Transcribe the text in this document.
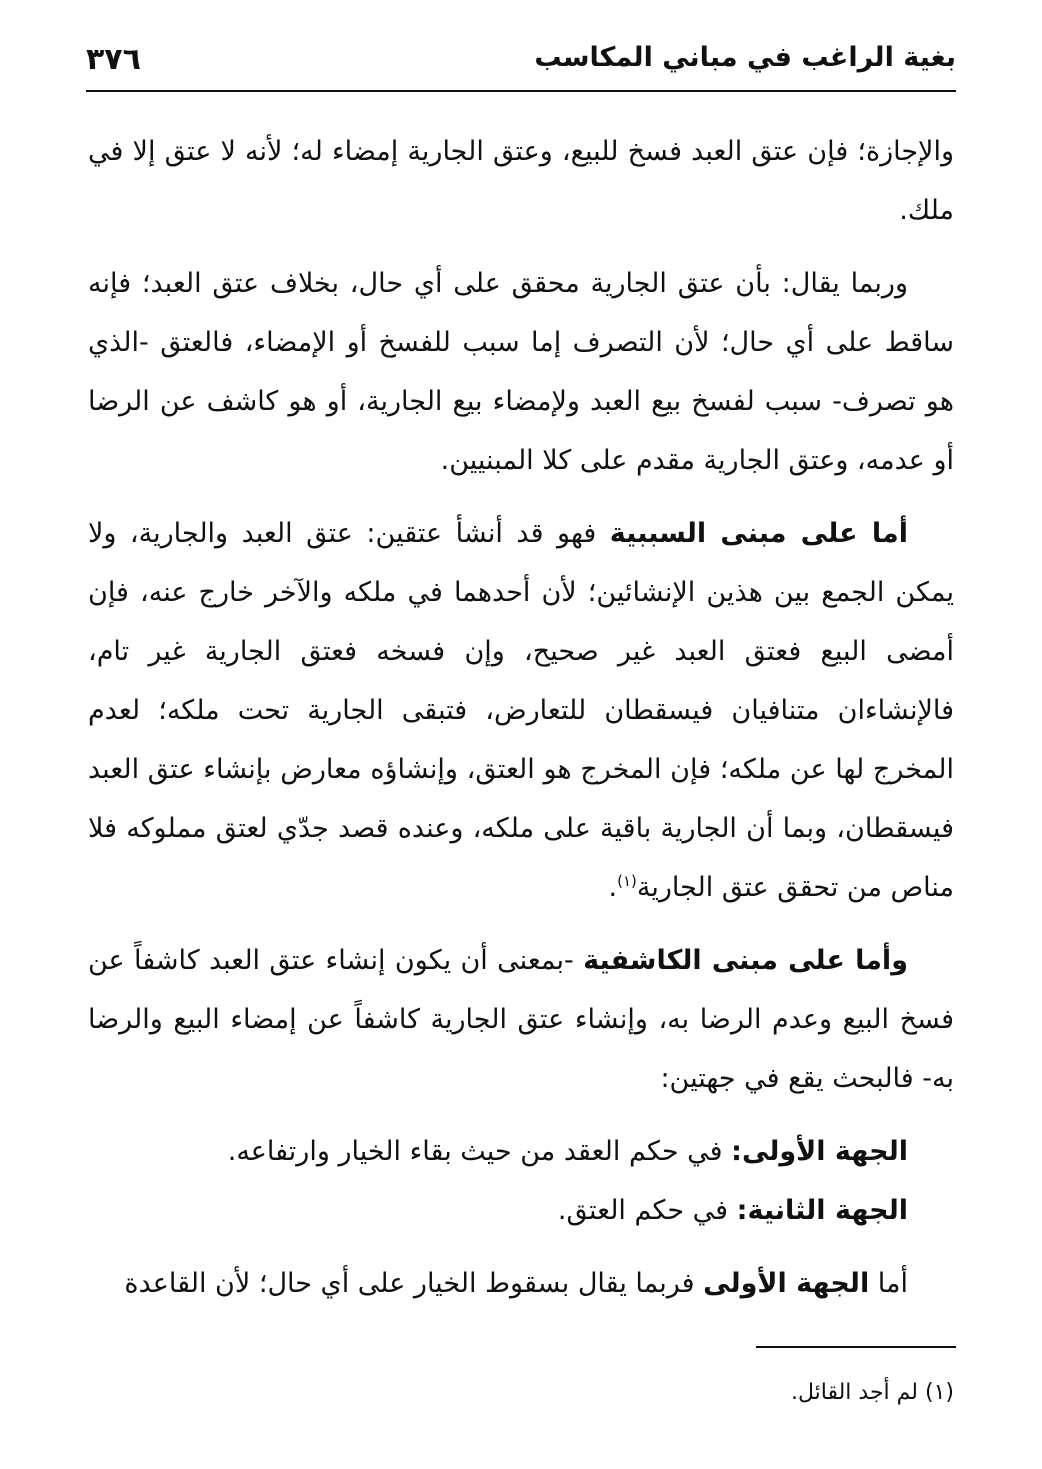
بغية الراغب في مباني المكاسب
٣٧٦

والإجازة؛ فإن عتق العبد فسخ للبيع، وعتق الجارية إمضاء له؛ لأنه لا عتق إلا في ملك.

وربما يقال: بأن عتق الجارية محقق على أي حال، بخلاف عتق العبد؛ فإنه ساقط على أي حال؛ لأن التصرف إما سبب للفسخ أو الإمضاء، فالعتق -الذي هو تصرف- سبب لفسخ بيع العبد ولإمضاء بيع الجارية، أو هو كاشف عن الرضا أو عدمه، وعتق الجارية مقدم على كلا المبنيين.

أما على مبنى السببية فهو قد أنشأ عتقين: عتق العبد والجارية، ولا يمكن الجمع بين هذين الإنشائين؛ لأن أحدهما في ملكه والآخر خارج عنه، فإن أمضى البيع فعتق العبد غير صحيح، وإن فسخه فعتق الجارية غير تام، فالإنشاءان متنافيان فيسقطان للتعارض، فتبقى الجارية تحت ملكه؛ لعدم المخرج لها عن ملكه؛ فإن المخرج هو العتق، وإنشاؤه معارض بإنشاء عتق العبد فيسقطان، وبما أن الجارية باقية على ملكه، وعنده قصد جدّي لعتق مملوكه فلا مناص من تحقق عتق الجارية$^{(١)}$.

وأما على مبنى الكاشفية -بمعنى أن يكون إنشاء عتق العبد كاشفاً عن فسخ البيع وعدم الرضا به، وإنشاء عتق الجارية كاشفاً عن إمضاء البيع والرضا به- فالبحث يقع في جهتين:

الجهة الأولى: في حكم العقد من حيث بقاء الخيار وارتفاعه.

الجهة الثانية: في حكم العتق.

أما الجهة الأولى فربما يقال بسقوط الخيار على أي حال؛ لأن القاعدة

(١) لم أجد القائل.
